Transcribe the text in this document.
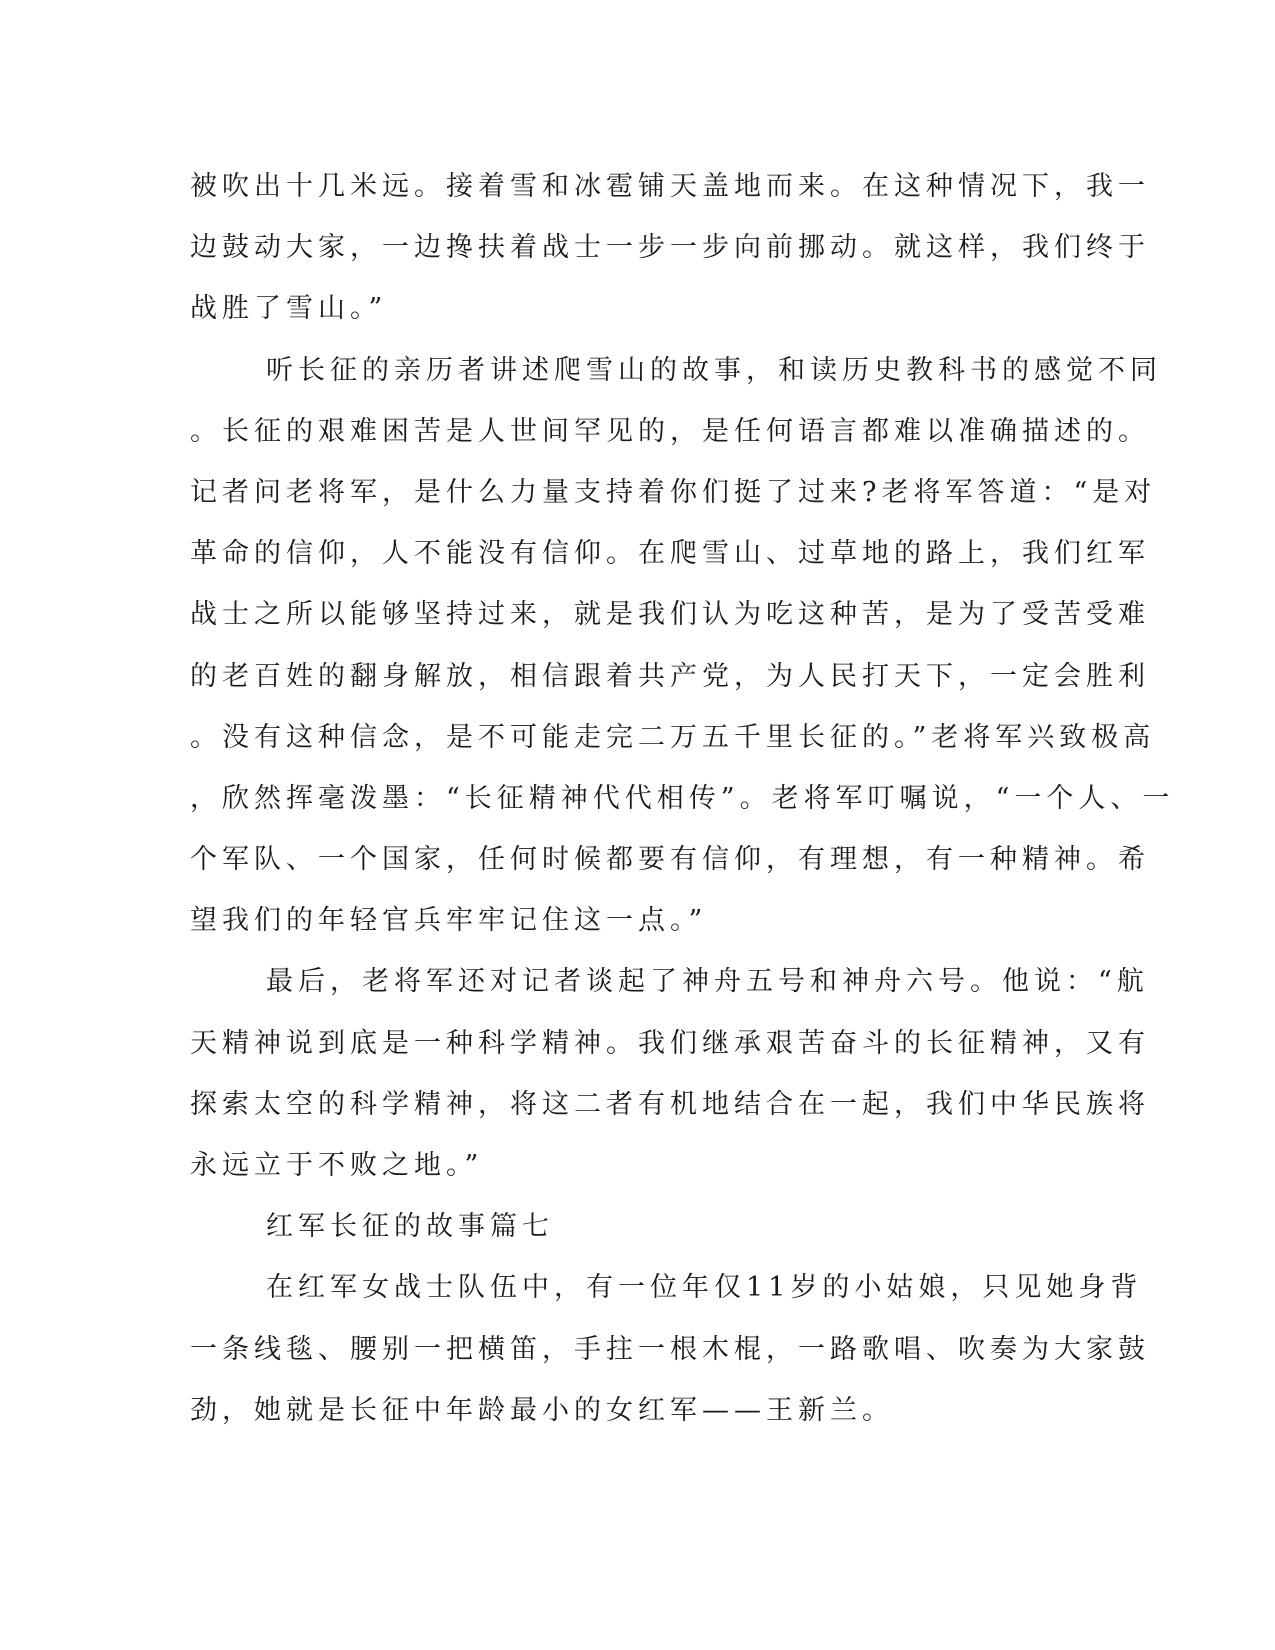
被吹出十几米远。接着雪和冰雹铺天盖地而来。在这种情况下，我一
边鼓动大家，一边搀扶着战士一步一步向前挪动。就这样，我们终于
战胜了雪山。”
听长征的亲历者讲述爬雪山的故事，和读历史教科书的感觉不同
。长征的艰难困苦是人世间罕见的，是任何语言都难以准确描述的。
记者问老将军，是什么力量支持着你们挺了过来?老将军答道：“是对
革命的信仰，人不能没有信仰。在爬雪山、过草地的路上，我们红军
战士之所以能够坚持过来，就是我们认为吃这种苦，是为了受苦受难
的老百姓的翻身解放，相信跟着共产党，为人民打天下，一定会胜利
。没有这种信念，是不可能走完二万五千里长征的。”老将军兴致极高
，欣然挥毫泼墨：“长征精神代代相传”。老将军叮嘱说，“一个人、一
个军队、一个国家，任何时候都要有信仰，有理想，有一种精神。希
望我们的年轻官兵牢牢记住这一点。”
最后，老将军还对记者谈起了神舟五号和神舟六号。他说：“航
天精神说到底是一种科学精神。我们继承艰苦奋斗的长征精神，又有
探索太空的科学精神，将这二者有机地结合在一起，我们中华民族将
永远立于不败之地。”
红军长征的故事篇七
在红军女战士队伍中，有一位年仅11岁的小姑娘，只见她身背
一条线毯、腰别一把横笛，手拄一根木棍，一路歌唱、吹奏为大家鼓
劲，她就是长征中年龄最小的女红军——王新兰。
